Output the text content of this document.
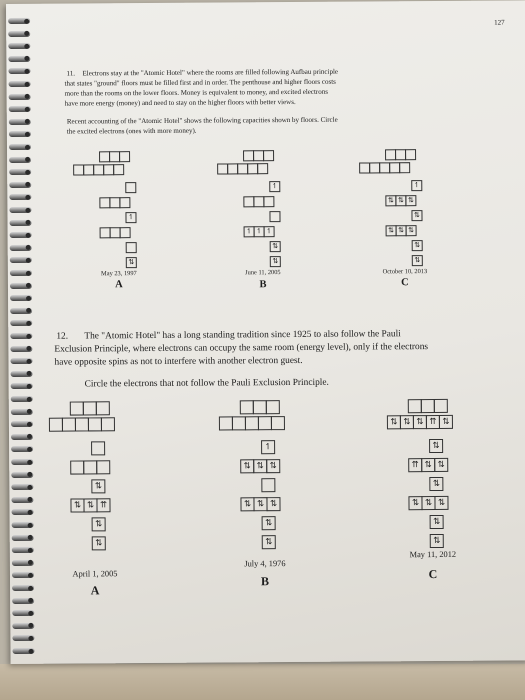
127
11. Electrons stay at the "Atomic Hotel" where the rooms are filled following Aufbau principle
that states "ground" floors must be filled first and in order. The penthouse and higher floors costs
more than the rooms on the lower floors. Money is equivalent to money, and excited electrons
have more energy (money) and need to stay on the higher floors with better views.
Recent accounting of the "Atomic Hotel" shows the following capacities shown by floors. Circle
the excited electrons (ones with more money).
↿
⇅
↿
↿ ↿ ↿
⇅
⇅
↿
⇅ ⇅ ⇅
⇅
⇅ ⇅ ⇅
⇅
⇅
May 23, 1997	June 11, 2005	October 10, 2013
A	B	C
12. The "Atomic Hotel" has a long standing tradition since 1925 to also follow the Pauli
Exclusion Principle, where electrons can occupy the same room (energy level), only if the electrons
have opposite spins as not to interfere with another electron guest.
Circle the electrons that not follow the Pauli Exclusion Principle.
⇅
⇅ ⇅ ⇈
⇅
⇅
↿
⇅ ⇅ ⇅
⇅ ⇅ ⇅
⇅
⇅
⇅ ⇅ ⇅ ⇈ ⇅
⇅
⇈ ⇅ ⇅
⇅
⇅ ⇅ ⇅
⇅
⇅
April 1, 2005
July 4, 1976
May 11, 2012
A
B
C
